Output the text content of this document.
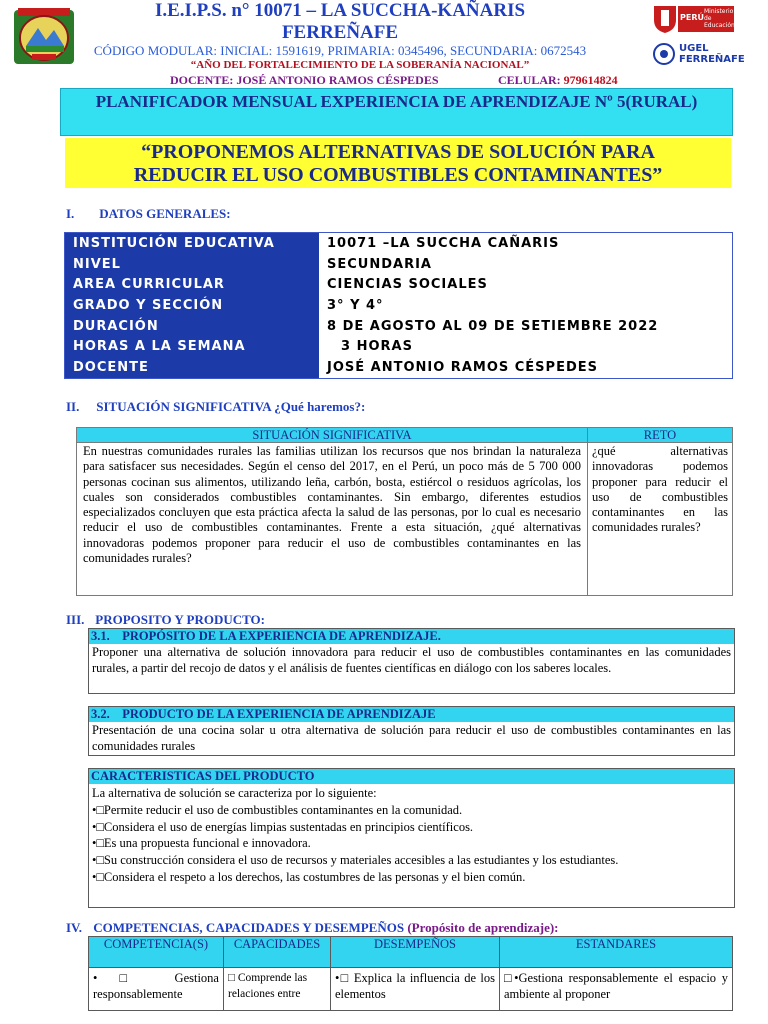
I.E.I.P.S. n° 10071 – LA SUCCHA-KAÑARIS
FERREÑAFE
CÓDIGO MODULAR: INICIAL: 1591619, PRIMARIA: 0345496, SECUNDARIA: 0672543
“AÑO DEL FORTALECIMIENTO DE LA SOBERANÍA NACIONAL”
DOCENTE: JOSÉ ANTONIO RAMOS CÉSPEDES	CELULAR: 979614824
PERÚ
Ministerio de Educación
UGEL
FERREÑAFE
PLANIFICADOR MENSUAL EXPERIENCIA DE APRENDIZAJE Nº 5(RURAL)
“PROPONEMOS ALTERNATIVAS DE SOLUCIÓN PARA
REDUCIR EL USO COMBUSTIBLES CONTAMINANTES”
I. DATOS GENERALES:
INSTITUCIÓN EDUCATIVA	10071 –LA SUCCHA CAÑARIS
NIVEL	SECUNDARIA
AREA CURRICULAR	CIENCIAS SOCIALES
GRADO Y SECCIÓN	3° Y 4°
DURACIÓN	8 DE AGOSTO AL 09 DE SETIEMBRE 2022
HORAS A LA SEMANA	3 HORAS
DOCENTE	JOSÉ ANTONIO RAMOS CÉSPEDES
II. SITUACIÓN SIGNIFICATIVA ¿Qué haremos?:
SITUACIÓN SIGNIFICATIVA	RETO
En nuestras comunidades rurales las familias utilizan los recursos que nos brindan la naturaleza para satisfacer sus necesidades. Según el censo del 2017, en el Perú, un poco más de 5 700 000 personas cocinan sus alimentos, utilizando leña, carbón, bosta, estiércol o residuos agrícolas, los cuales son considerados combustibles contaminantes. Sin embargo, diferentes estudios especializados concluyen que esta práctica afecta la salud de las personas, por lo cual es necesario reducir el uso de combustibles contaminantes. Frente a esta situación, ¿qué alternativas innovadoras podemos proponer para reducir el uso de combustibles contaminantes en las comunidades rurales?	¿qué alternativas innovadoras podemos proponer para reducir el uso de combustibles contaminantes en las comunidades rurales?
III. PROPOSITO Y PRODUCTO:
3.1.    PROPÓSITO DE LA EXPERIENCIA DE APRENDIZAJE.
Proponer una alternativa de solución innovadora para reducir el uso de combustibles contaminantes en las comunidades rurales, a partir del recojo de datos y el análisis de fuentes científicas en diálogo con los saberes locales.
3.2.    PRODUCTO DE LA EXPERIENCIA DE APRENDIZAJE
Presentación de una cocina solar u otra alternativa de solución para reducir el uso de combustibles contaminantes en las comunidades rurales
CARACTERISTICAS DEL PRODUCTO
La alternativa de solución se caracteriza por lo siguiente:
•□Permite reducir el uso de combustibles contaminantes en la comunidad.
•□Considera el uso de energías limpias sustentadas en principios científicos.
•□Es una propuesta funcional e innovadora.
•□Su construcción considera el uso de recursos y materiales accesibles a las estudiantes y los estudiantes.
•□Considera el respeto a los derechos, las costumbres de las personas y el bien común.
IV. COMPETENCIAS, CAPACIDADES Y DESEMPEÑOS (Propósito de aprendizaje):
COMPETENCIA(S)	CAPACIDADES	DESEMPEÑOS	ESTANDARES
•□ Gestiona responsablemente	□ Comprende las relaciones entre	•□ Explica la influencia de los elementos	□•Gestiona responsablemente el espacio y ambiente al proponer
